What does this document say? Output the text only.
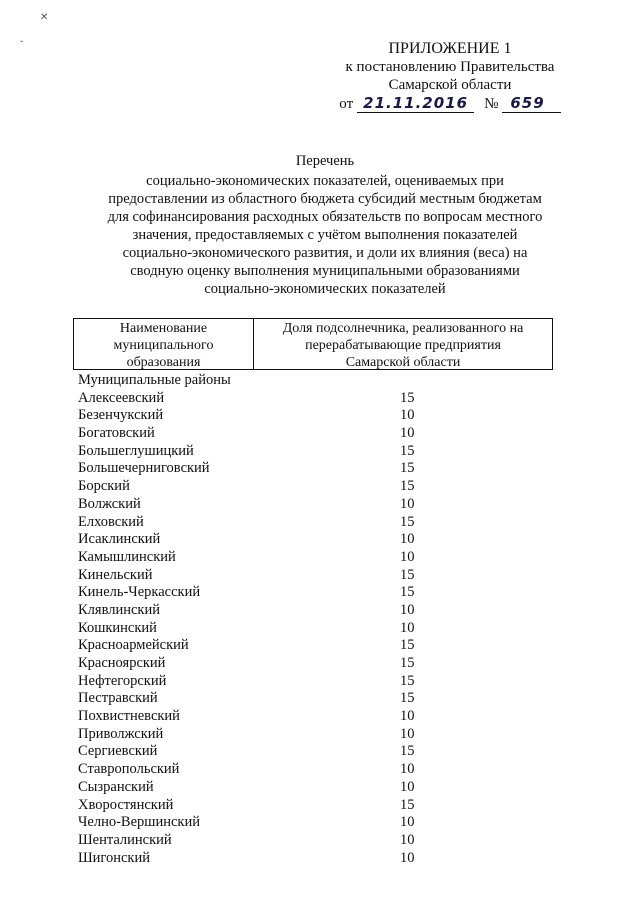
✕
ˇ	ПРИЛОЖЕНИЕ 1
к постановлению Правительства
Самарской области
от 21.11.2016	№ 659
Перечень
социально-экономических показателей, оцениваемых при
предоставлении из областного бюджета субсидий местным бюджетам
для софинансирования расходных обязательств по вопросам местного
значения, предоставляемых с учётом выполнения показателей
социально-экономического развития, и доли их влияния (веса) на
сводную оценку выполнения муниципальными образованиями
социально-экономических показателей
Наименование
муниципального
образования
Доля подсолнечника, реализованного на
перерабатывающие предприятия
Самарской области
Муниципальные районы
Алексеевский	15
Безенчукский	10
Богатовский	10
Большеглушицкий	15
Большечерниговский	15
Борский	15
Волжский	10
Елховский	15
Исаклинский	10
Камышлинский	10
Кинельский	15
Кинель-Черкасский	15
Клявлинский	10
Кошкинский	10
Красноармейский	15
Красноярский	15
Нефтегорский	15
Пестравский	15
Похвистневский	10
Приволжский	10
Сергиевский	15
Ставропольский	10
Сызранский	10
Хворостянский	15
Челно-Вершинский	10
Шенталинский	10
Шигонский	10
